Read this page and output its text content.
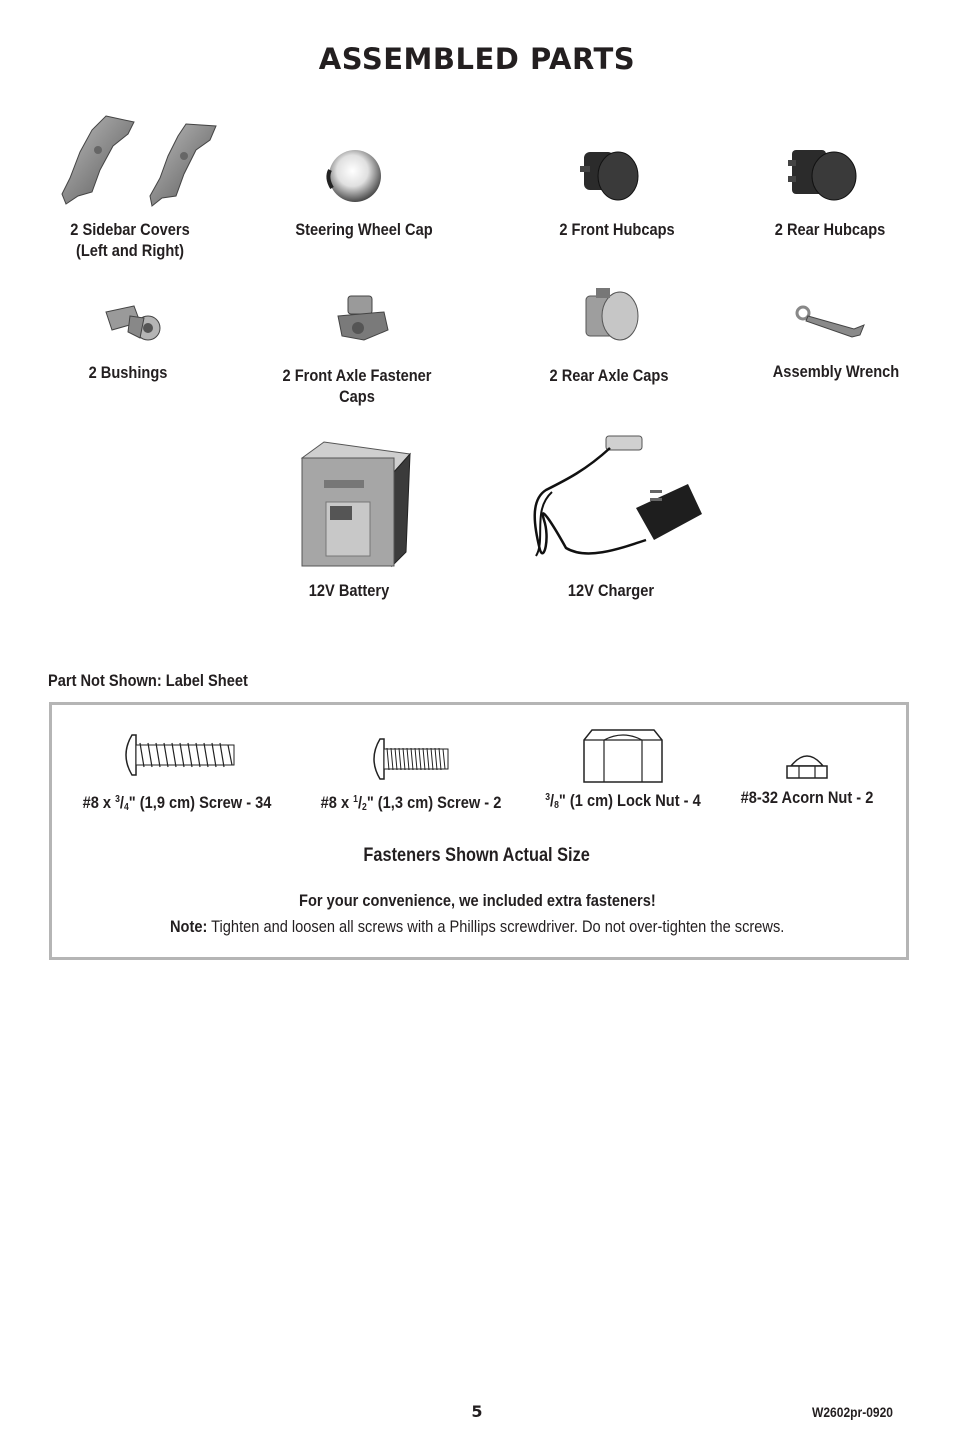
ASSEMBLED PARTS
2 Sidebar Covers
(Left and Right)
Steering Wheel Cap	2 Front Hubcaps	2 Rear Hubcaps
2 Bushings	2 Front Axle Fastener
Caps
2 Rear Axle Caps	Assembly Wrench
12V Battery	12V Charger
Part Not Shown: Label Sheet
#8 x $^3/_4$" (1,9 cm) Screw - 34	#8 x $^1/_2$" (1,3 cm) Screw - 2	$^3/_8$" (1 cm) Lock Nut - 4	#8-32 Acorn Nut - 2
Fasteners Shown Actual Size
For your convenience, we included extra fasteners!
Note: Tighten and loosen all screws with a Phillips screwdriver. Do not over-tighten the screws.
5	W2602pr-0920
